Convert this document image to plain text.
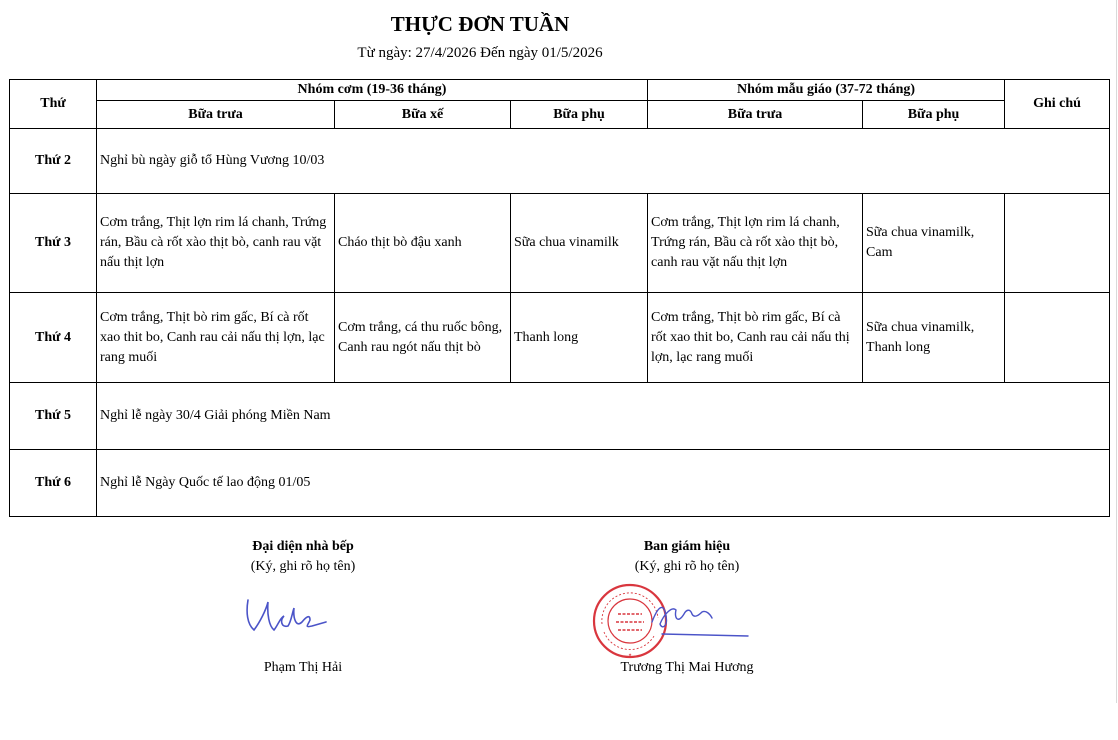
THỰC ĐƠN TUẦN
Từ ngày: 27/4/2026 Đến ngày 01/5/2026
Thứ	Nhóm cơm (19-36 tháng)			Nhóm mẫu giáo (37-72 tháng)		Ghi chú
	Bữa trưa	Bữa xế	Bữa phụ	Bữa trưa	Bữa phụ	
Thứ 2	Nghỉ bù ngày giỗ tổ Hùng Vương 10/03					
Thứ 3	Cơm trắng, Thịt lợn rim lá chanh, Trứng rán, Bầu cà rốt xào thịt bò, canh rau vặt nấu thịt lợn	Cháo thịt bò đậu xanh	Sữa chua vinamilk	Cơm trắng, Thịt lợn rim lá chanh, Trứng rán, Bầu cà rốt xào thịt bò, canh rau vặt nấu thịt lợn	Sữa chua vinamilk, Cam	
Thứ 4	Cơm trắng, Thịt bò rim gấc, Bí cà rốt xao thit bo, Canh rau cải nấu thị lợn, lạc rang muối	Cơm trắng, cá thu ruốc bông, Canh rau ngót nấu thịt bò	Thanh long	Cơm trắng, Thịt bò rim gấc, Bí cà rốt xao thit bo, Canh rau cải nấu thị lợn, lạc rang muối	Sữa chua vinamilk, Thanh long	
Thứ 5	Nghỉ lễ ngày 30/4 Giải phóng Miền Nam					
Thứ 6	Nghỉ lễ Ngày Quốc tế lao động 01/05					
Đại diện nhà bếp
(Ký, ghi rõ họ tên)
Phạm Thị Hải
Ban giám hiệu
(Ký, ghi rõ họ tên)
★
Trương Thị Mai Hương
